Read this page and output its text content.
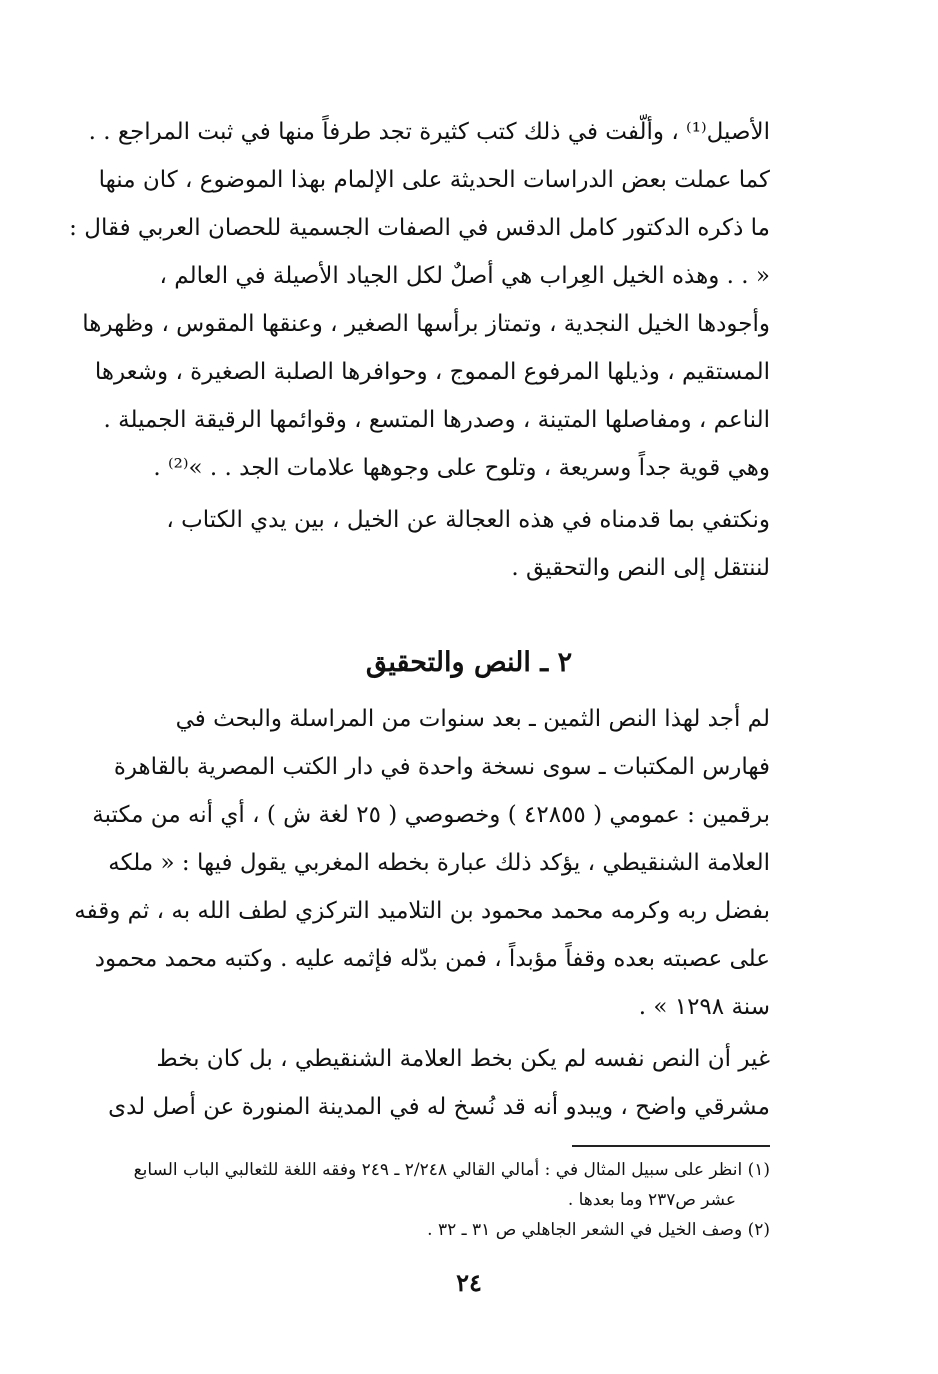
الأصيل⁽¹⁾ ، وألّفت في ذلك كتب كثيرة تجد طرفاً منها في ثبت المراجع . .
كما عملت بعض الدراسات الحديثة على الإلمام بهذا الموضوع ، كان منها
ما ذكره الدكتور كامل الدقس في الصفات الجسمية للحصان العربي فقال :
« . . وهذه الخيل العِراب هي أصلٌ لكل الجياد الأصيلة في العالم ،
وأجودها الخيل النجدية ، وتمتاز برأسها الصغير ، وعنقها المقوس ، وظهرها
المستقيم ، وذيلها المرفوع المموج ، وحوافرها الصلبة الصغيرة ، وشعرها
الناعم ، ومفاصلها المتينة ، وصدرها المتسع ، وقوائمها الرقيقة الجميلة .
وهي قوية جداً وسريعة ، وتلوح على وجوهها علامات الجد . . »⁽²⁾ .
ونكتفي بما قدمناه في هذه العجالة عن الخيل ، بين يدي الكتاب ،
لننتقل إلى النص والتحقيق .
٢ ـ النص والتحقيق
لم أجد لهذا النص الثمين ـ بعد سنوات من المراسلة والبحث في
فهارس المكتبات ـ سوى نسخة واحدة في دار الكتب المصرية بالقاهرة
برقمين : عمومي ( ٤٢٨٥٥ ) وخصوصي ( ٢٥ لغة ش ) ، أي أنه من مكتبة
العلامة الشنقيطي ، يؤكد ذلك عبارة بخطه المغربي يقول فيها : « ملكه
بفضل ربه وكرمه محمد محمود بن التلاميد التركزي لطف الله به ، ثم وقفه
على عصبته بعده وقفاً مؤبداً ، فمن بدّله فإثمه عليه . وكتبه محمد محمود
سنة ١٢٩٨ » .
غير أن النص نفسه لم يكن بخط العلامة الشنقيطي ، بل كان بخط
مشرقي واضح ، ويبدو أنه قد نُسخ له في المدينة المنورة عن أصل لدى
(١) انظر على سبيل المثال في : أمالي القالي ٢/٢٤٨ ـ ٢٤٩ وفقه اللغة للثعالبي الباب السابع
عشر ص٢٣٧ وما بعدها .
(٢) وصف الخيل في الشعر الجاهلي ص ٣١ ـ ٣٢ .
٢٤
